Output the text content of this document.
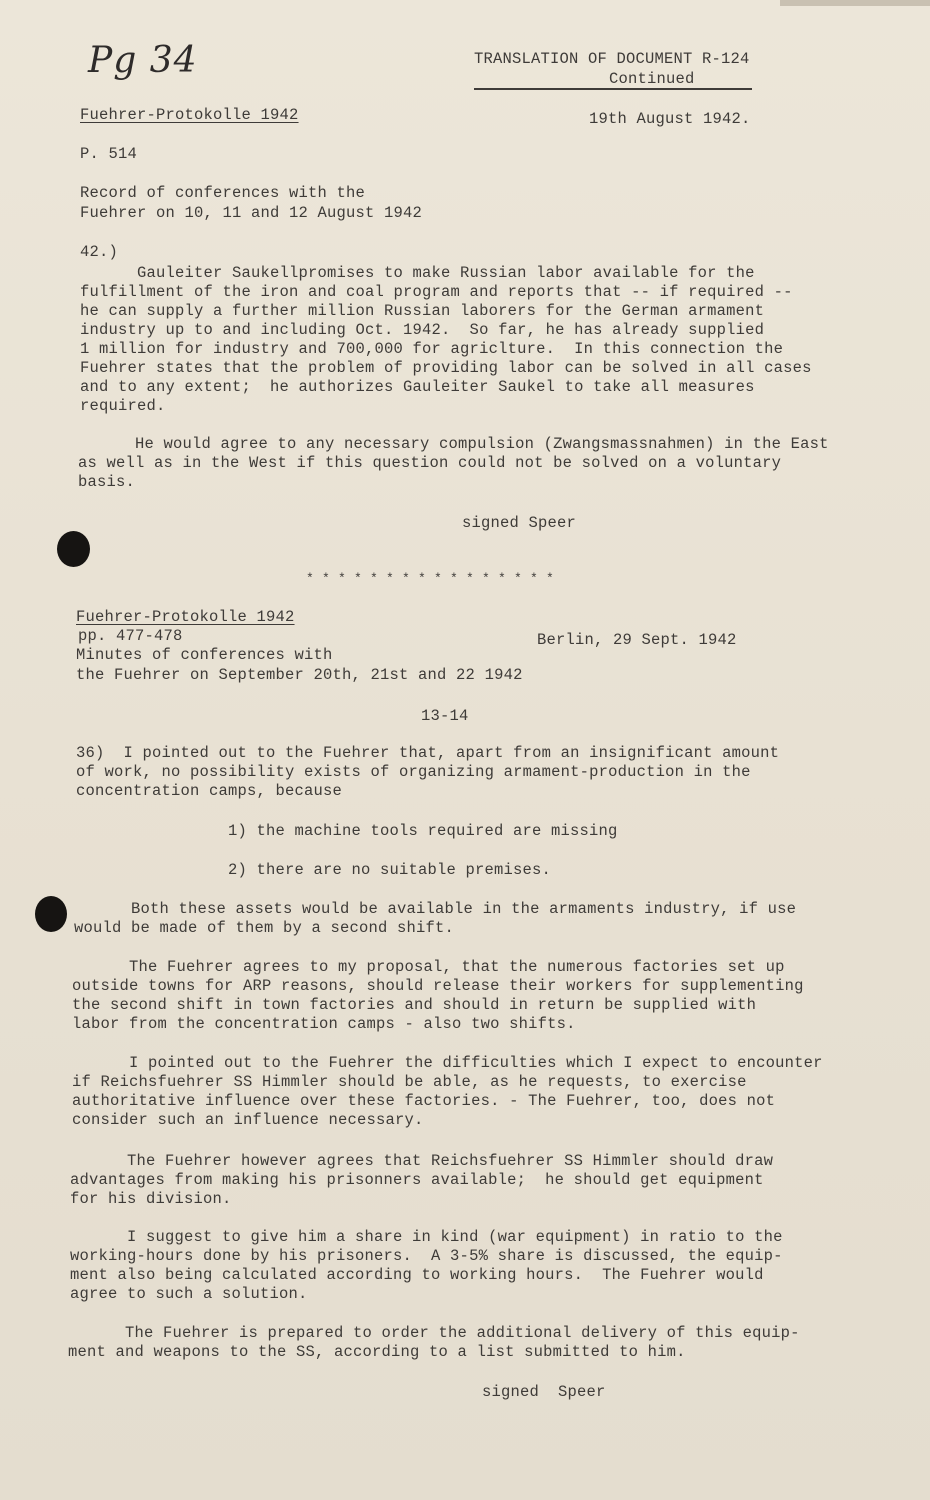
Pg 34	TRANSLATION OF DOCUMENT R-124

Continued

Fuehrer-Protokolle 1942	19th August 1942.

P. 514

Record of conferences with the

Fuehrer on 10, 11 and 12 August 1942

42.)

Gauleiter Saukellpromises to make Russian labor available for the
fulfillment of the iron and coal program and reports that -- if required --
he can supply a further million Russian laborers for the German armament
industry up to and including Oct. 1942.  So far, he has already supplied
1 million for industry and 700,000 for agriclture.  In this connection the
Fuehrer states that the problem of providing labor can be solved in all cases
and to any extent;  he authorizes Gauleiter Saukel to take all measures
required.
He would agree to any necessary compulsion (Zwangsmassnahmen) in the East
as well as in the West if this question could not be solved on a voluntary
basis.

signed Speer

* * * * * * * * * * * * * * * *

Fuehrer-Protokolle 1942

pp. 477-478	Berlin, 29 Sept. 1942

Minutes of conferences with

the Fuehrer on September 20th, 21st and 22 1942

13-14

36)  I pointed out to the Fuehrer that, apart from an insignificant amount
of work, no possibility exists of organizing armament-production in the
concentration camps, because

1) the machine tools required are missing

2) there are no suitable premises.

Both these assets would be available in the armaments industry, if use
would be made of them by a second shift.
The Fuehrer agrees to my proposal, that the numerous factories set up
outside towns for ARP reasons, should release their workers for supplementing
the second shift in town factories and should in return be supplied with
labor from the concentration camps - also two shifts.
I pointed out to the Fuehrer the difficulties which I expect to encounter
if Reichsfuehrer SS Himmler should be able, as he requests, to exercise
authoritative influence over these factories. - The Fuehrer, too, does not
consider such an influence necessary.
The Fuehrer however agrees that Reichsfuehrer SS Himmler should draw
advantages from making his prisonners available;  he should get equipment
for his division.
I suggest to give him a share in kind (war equipment) in ratio to the
working-hours done by his prisoners.  A 3-5% share is discussed, the equip-
ment also being calculated according to working hours.  The Fuehrer would
agree to such a solution.
The Fuehrer is prepared to order the additional delivery of this equip-
ment and weapons to the SS, according to a list submitted to him.

signed  Speer
